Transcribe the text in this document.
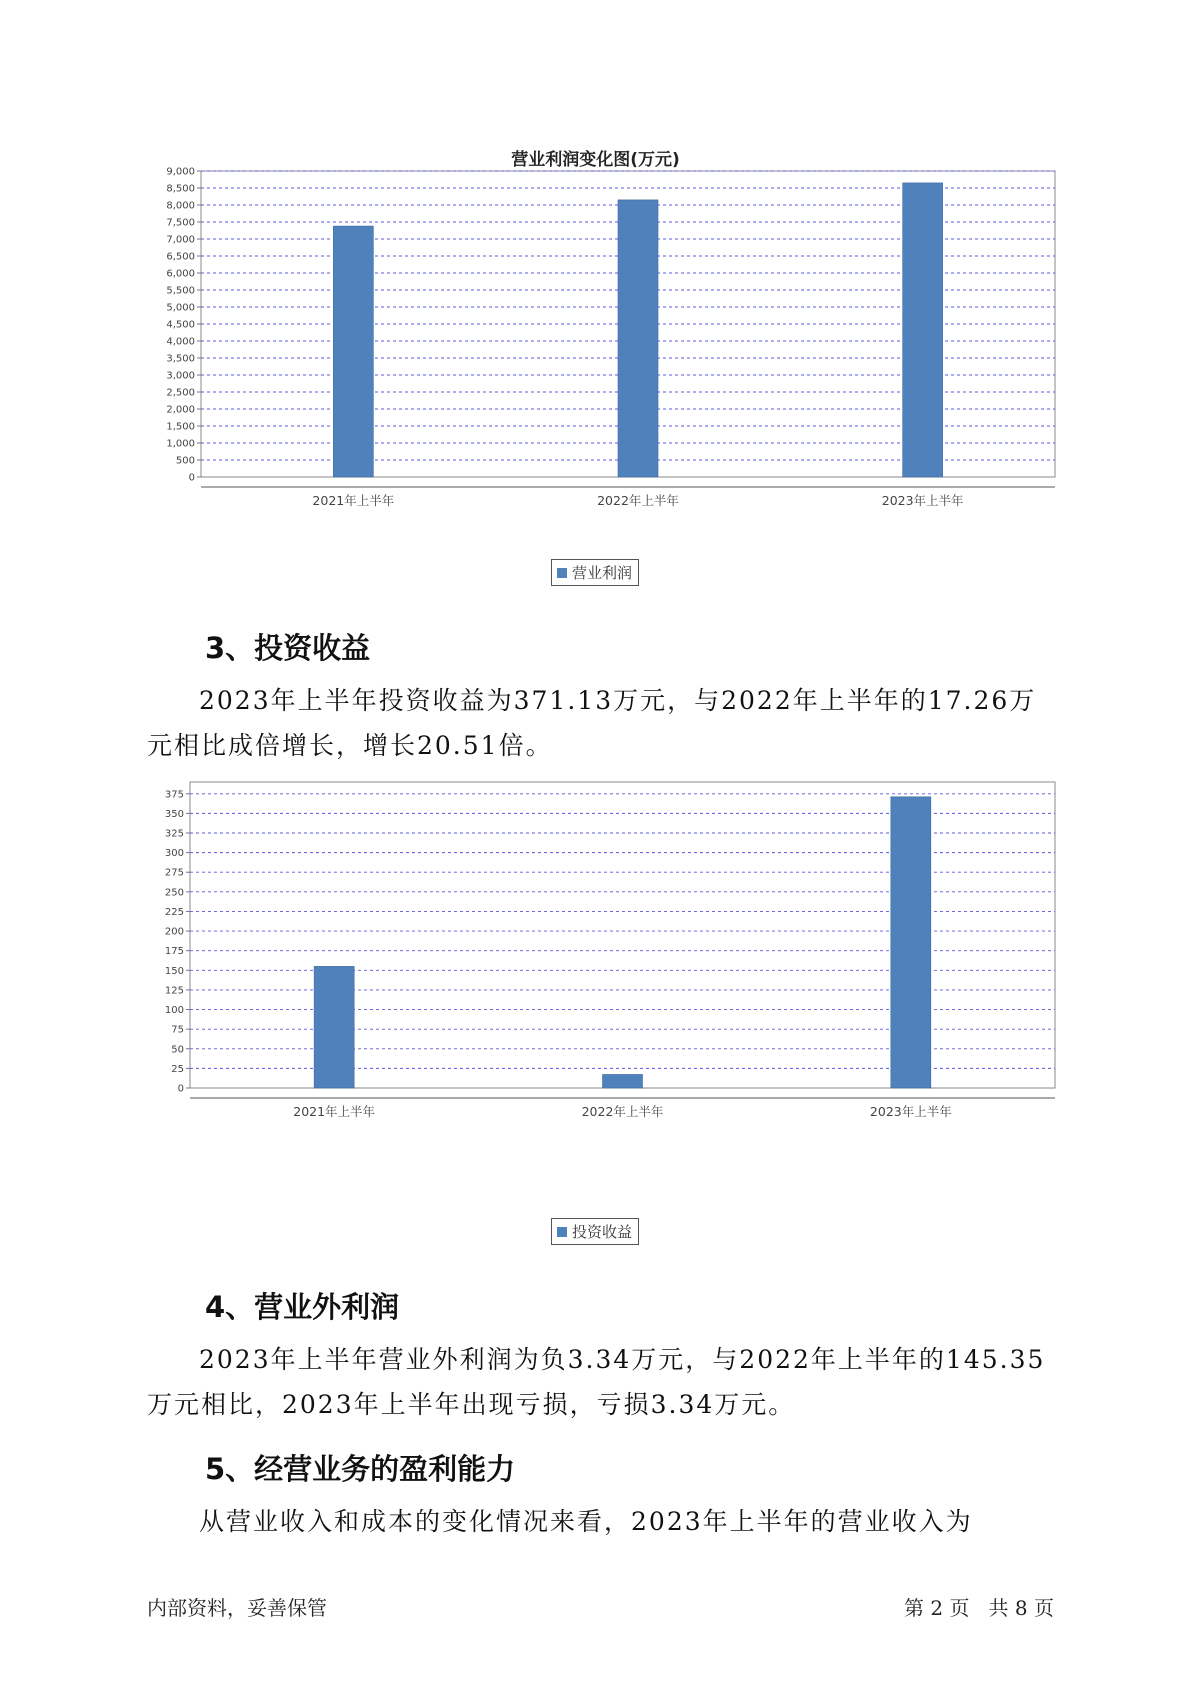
营业利润变化图(万元)
0
500
1,000
1,500
2,000
2,500
3,000
3,500
4,000
4,500
5,000
5,500
6,000
6,500
7,000
7,500
8,000
8,500
9,000
2021年上半年	2022年上半年	2023年上半年
营业利润
3、投资收益
2023年上半年投资收益为371.13万元，与2022年上半年的17.26万元相比成倍增长，增长20.51倍。
0
25
50
75
100
125
150
175
200
225
250
275
300
325
350
375
2021年上半年	2022年上半年	2023年上半年
投资收益
4、营业外利润
2023年上半年营业外利润为负3.34万元，与2022年上半年的145.35万元相比，2023年上半年出现亏损，亏损3.34万元。
5、经营业务的盈利能力
从营业收入和成本的变化情况来看，2023年上半年的营业收入为
内部资料，妥善保管	第 2 页   共 8 页
